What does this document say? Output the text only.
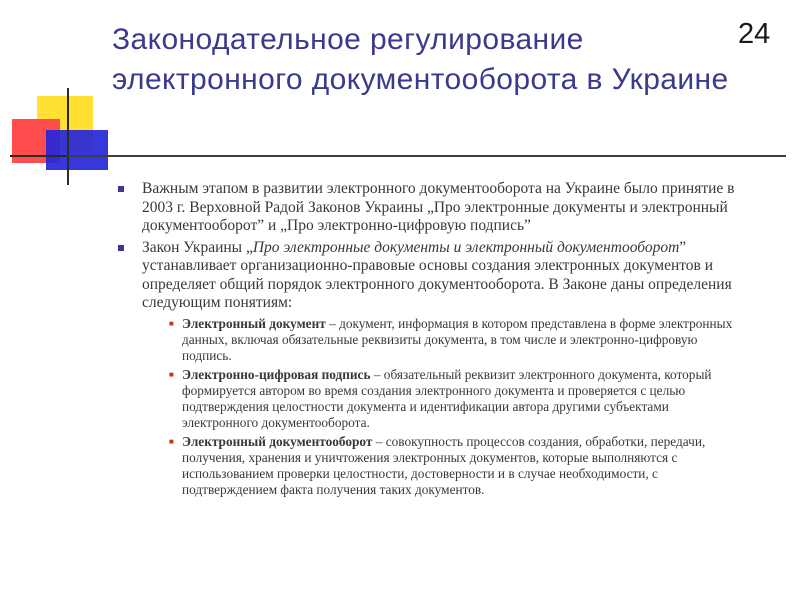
24
Законодательное регулирование электронного документооборота в Украине
Важным этапом в развитии электронного документооборота на Украине было принятие в 2003 г. Верховной Радой Законов Украины „Про электронные документы и электронный документооборот” и „Про электронно-цифровую подпись”
Закон Украины „Про электронные документы и электронный документооборот” устанавливает организационно-правовые основы создания электронных документов и определяет общий порядок электронного документооборота. В Законе даны определения следующим понятиям:
■ Электронный документ – документ, информация в котором представлена в форме электронных данных, включая обязательные реквизиты документа, в том числе и электронно-цифровую подпись.
■ Электронно-цифровая подпись – обязательный реквизит электронного документа, который формируется автором во время создания электронного документа и проверяется с целью подтверждения целостности документа и идентификации автора другими субъектами электронного документооборота.
■ Электронный документооборот – совокупность процессов создания, обработки, передачи, получения, хранения и уничтожения электронных документов, которые выполняются с использованием проверки целостности, достоверности и в случае необходимости, с подтверждением факта получения таких документов.
